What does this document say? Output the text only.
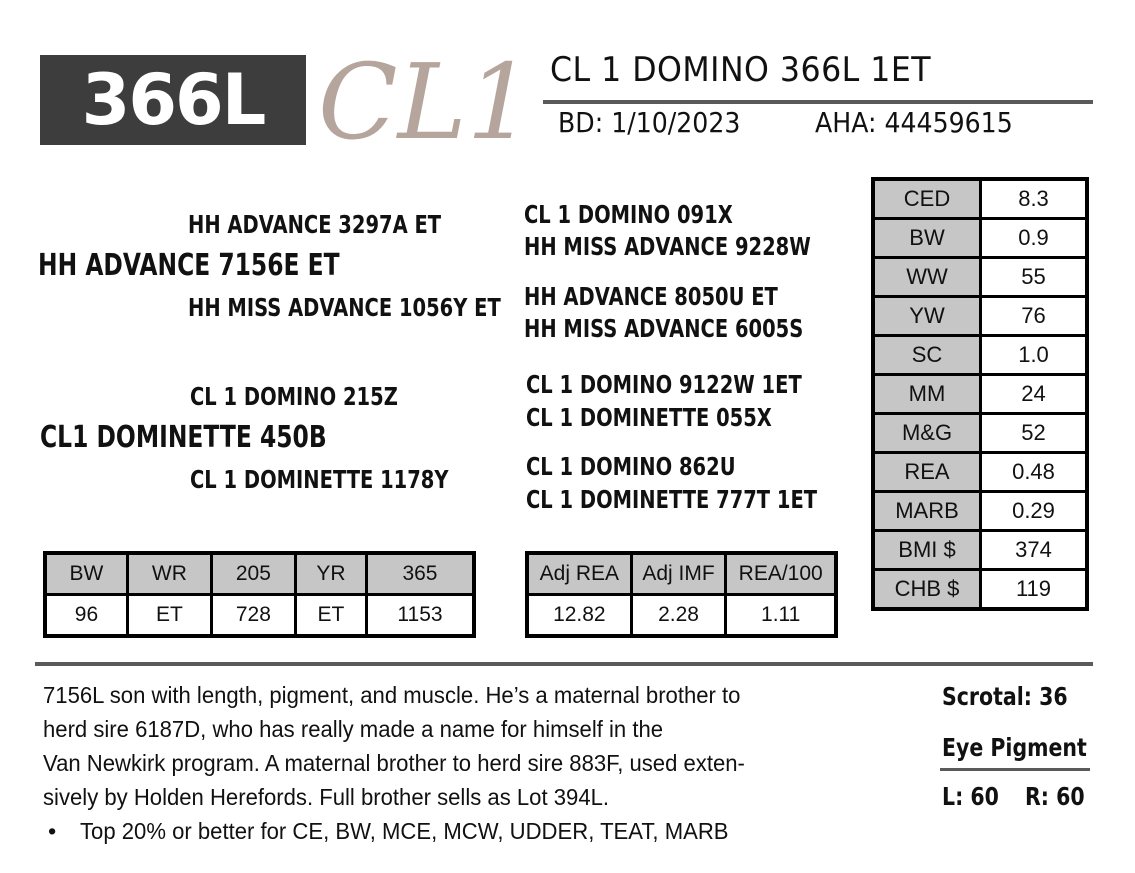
366L CL1 CL 1 DOMINO 366L 1ET
BD: 1/10/2023	AHA: 44459615
HH ADVANCE 3297A ET
HH ADVANCE 7156E ET
HH MISS ADVANCE 1056Y ET
CL 1 DOMINO 215Z
CL1 DOMINETTE 450B
CL 1 DOMINETTE 1178Y
CL 1 DOMINO 091X
HH MISS ADVANCE 9228W
HH ADVANCE 8050U ET
HH MISS ADVANCE 6005S
CL 1 DOMINO 9122W 1ET
CL 1 DOMINETTE 055X
CL 1 DOMINO 862U
CL 1 DOMINETTE 777T 1ET
CED	8.3
BW	0.9
WW	55
YW	76
SC	1.0
MM	24
M&G	52
REA	0.48
MARB	0.29
BMI $	374
CHB $	119
BW	WR	205	YR	365
96	ET	728	ET	1153
Adj REA	Adj IMF	REA/100
12.82	2.28	1.11
7156L son with length, pigment, and muscle. He’s a maternal brother to
herd sire 6187D, who has really made a name for himself in the
Van Newkirk program. A maternal brother to herd sire 883F, used exten-
sively by Holden Herefords. Full brother sells as Lot 394L.
• Top 20% or better for CE, BW, MCE, MCW, UDDER, TEAT, MARB
Scrotal: 36
Eye Pigment
L: 60 R: 60
